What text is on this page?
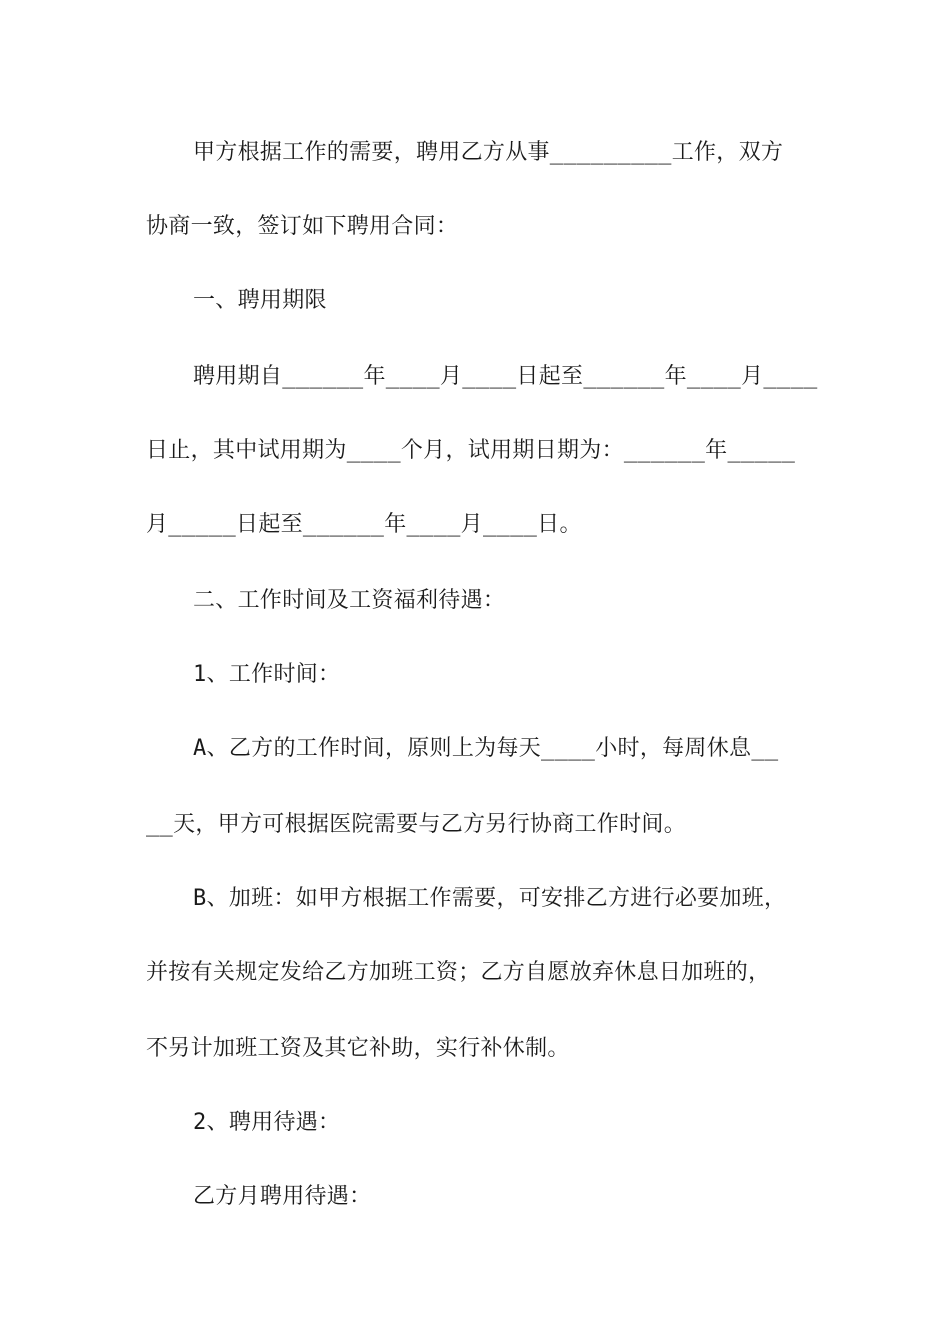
甲方根据工作的需要，聘用乙方从事_________工作，双方
协商一致，签订如下聘用合同：
一、聘用期限
聘用期自______年____月____日起至______年____月____
日止，其中试用期为____个月，试用期日期为：______年_____
月_____日起至______年____月____日。
二、工作时间及工资福利待遇：
1、工作时间：
A、乙方的工作时间，原则上为每天____小时，每周休息__
__天，甲方可根据医院需要与乙方另行协商工作时间。
B、加班：如甲方根据工作需要，可安排乙方进行必要加班，
并按有关规定发给乙方加班工资；乙方自愿放弃休息日加班的，
不另计加班工资及其它补助，实行补休制。
2、聘用待遇：
乙方月聘用待遇：
